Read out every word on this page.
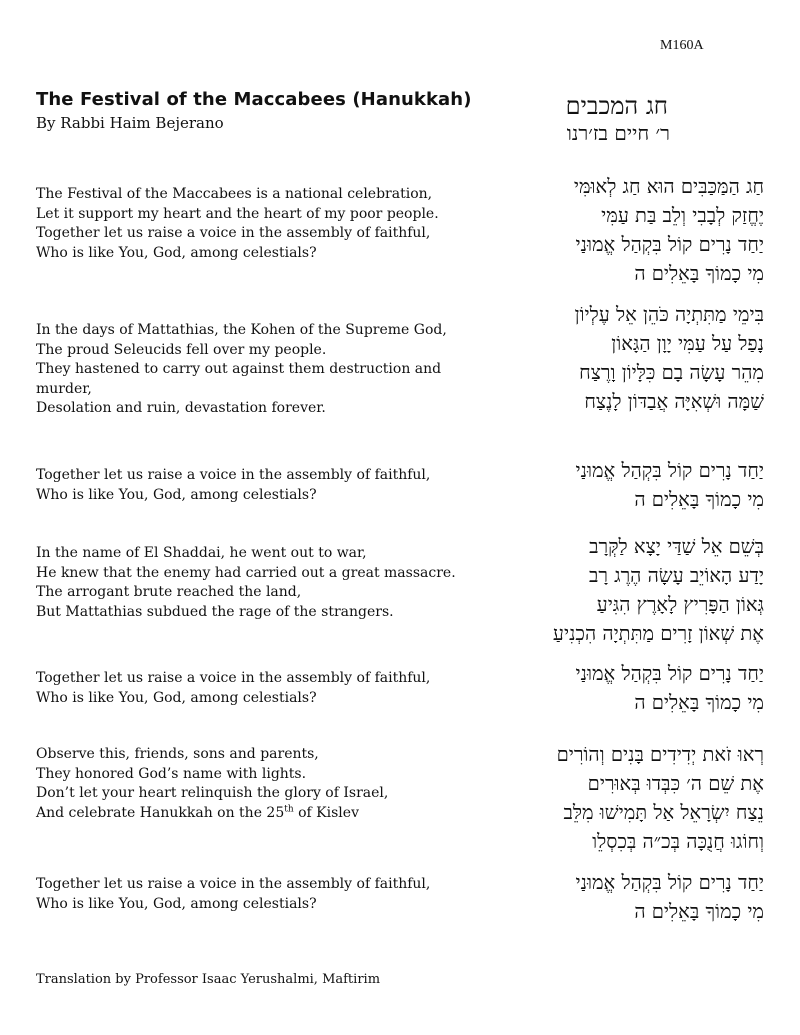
M160A
The Festival of the Maccabees (Hanukkah)
By Rabbi Haim Bejerano
חג המכבים
ר׳ חיים בז׳רנו
The Festival of the Maccabees is a national celebration,
Let it support my heart and the heart of my poor people.
Together let us raise a voice in the assembly of faithful,
Who is like You, God, among celestials?
חַג הַמַּכַּבִּים הוּא חַג לְאוּמִּי
יֶחֱזַק לְבָבִי וְלֵב בַּת עַמִּי
יַחַד נָרִים קוֹל בִּקְהַל אֱמוּנַי
מִי כָמוֹךָ בָּאֵלִים ה
In the days of Mattathias, the Kohen of the Supreme God,
The proud Seleucids fell over my people.
They hastened to carry out against them destruction and murder,
Desolation and ruin, devastation forever.
בִּימֵי מַתִּתְיָה כֹּהֵן אֵל עֶלְיוֹן
נָפַל עַל עַמִּי יָוָן הַגָּאוֹן
מִהֵר עָשָׂה בָם כִּלָּיוֹן וָרֶצַח
שַׁמָּה וּשְׁאִיָּה אֲבַדּוֹן לָנֶצַח
Together let us raise a voice in the assembly of faithful,
Who is like You, God, among celestials?
יַחַד נָרִים קוֹל בִּקְהַל אֱמוּנַי
מִי כָמוֹךָ בָּאֵלִים ה
In the name of El Shaddai, he went out to war,
He knew that the enemy had carried out a great massacre.
The arrogant brute reached the land,
But Mattathias subdued the rage of the strangers.
בְּשֵׁם אֵל שַׁדַּי יָצָא לַקְּרָב
יָדַע הָאוֹיֵב עָשָׂה הֶרֶג רָב
גְּאוֹן הַפָּרִיץ לָאָרֶץ הִגִּיעַ
אֶת שְׁאוֹן זָרִים מַתִּתְיָה הִכְנִיעַ
Together let us raise a voice in the assembly of faithful,
Who is like You, God, among celestials?
יַחַד נָרִים קוֹל בִּקְהַל אֱמוּנַי
מִי כָמוֹךָ בָּאֵלִים ה
Observe this, friends, sons and parents,
They honored God’s name with lights.
Don’t let your heart relinquish the glory of Israel,
And celebrate Hanukkah on the 25th of Kislev
רְאוּ זֹאת יְדִידִים בָּנִים וְהוֹרִים
אֶת שֵׁם ה׳ כִּבְּדוּ בְּאוּרִים
נֵצַח יִשְׂרָאֵל אַל תָּמִישׁוּ מִלֵּב
וְחוֹגוּ חֲנֻכָּה בְּכ״ה בְּכִסְלֵו
Together let us raise a voice in the assembly of faithful,
Who is like You, God, among celestials?
יַחַד נָרִים קוֹל בִּקְהַל אֱמוּנַי
מִי כָמוֹךָ בָּאֵלִים ה
Translation by Professor Isaac Yerushalmi, Maftirim
